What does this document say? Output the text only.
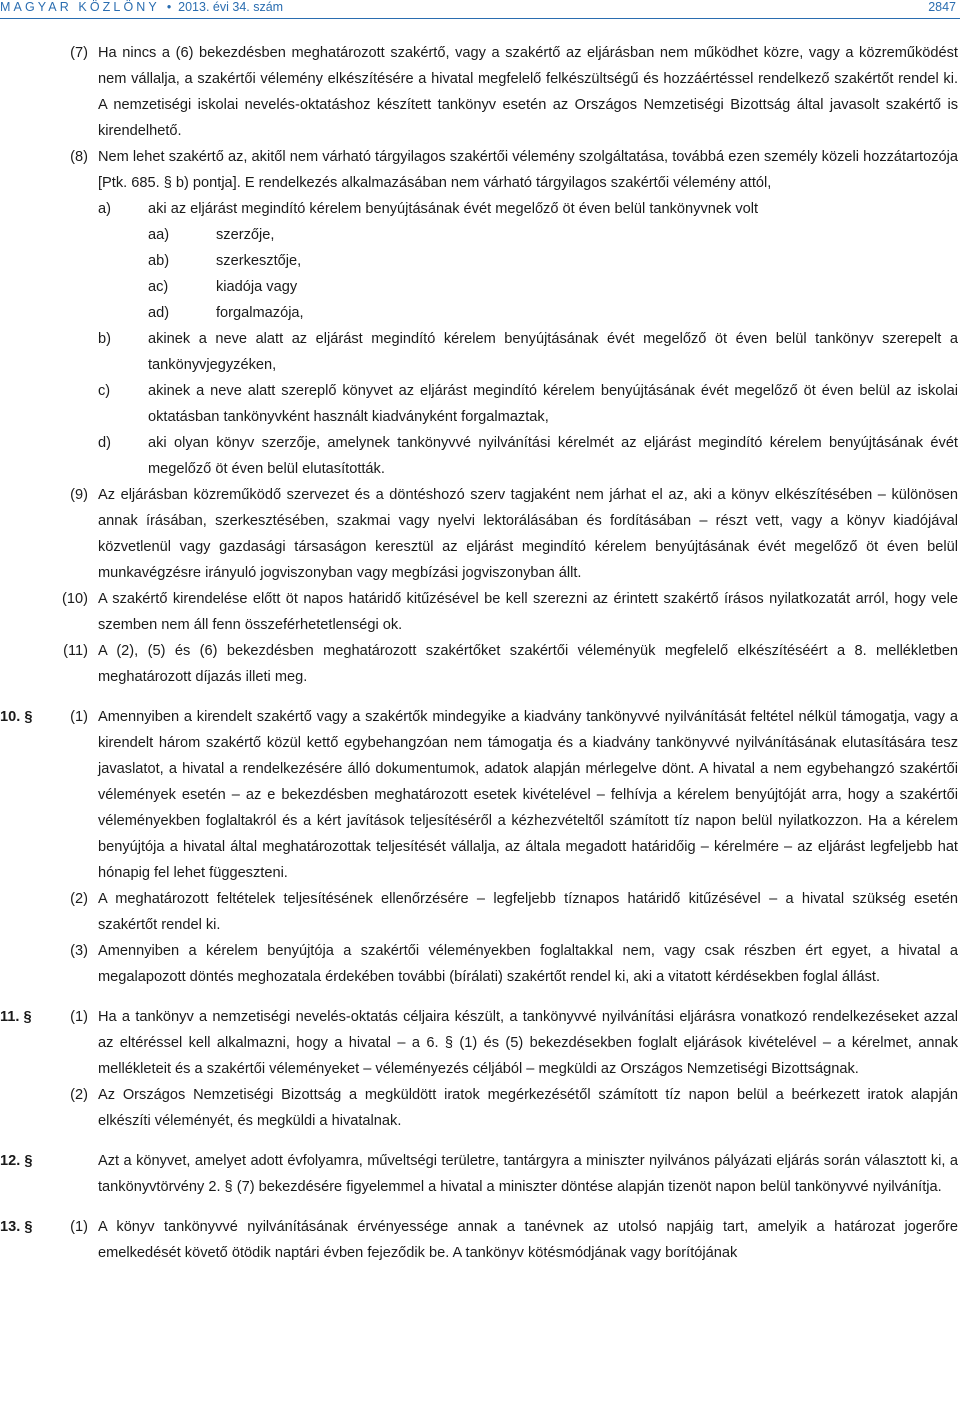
MAGYAR KÖZLÖNY • 2013. évi 34. szám	2847

(7) Ha nincs a (6) bekezdésben meghatározott szakértő, vagy a szakértő az eljárásban nem működhet közre, vagy a közreműködést nem vállalja, a szakértői vélemény elkészítésére a hivatal megfelelő felkészültségű és hozzáértéssel rendelkező szakértőt rendel ki. A nemzetiségi iskolai nevelés-oktatáshoz készített tankönyv esetén az Országos Nemzetiségi Bizottság által javasolt szakértő is kirendelhető.

(8) Nem lehet szakértő az, akitől nem várható tárgyilagos szakértői vélemény szolgáltatása, továbbá ezen személy közeli hozzátartozója [Ptk. 685. § b) pontja]. E rendelkezés alkalmazásában nem várható tárgyilagos szakértői vélemény attól,

a)	aki az eljárást megindító kérelem benyújtásának évét megelőző öt éven belül tankönyvnek volt

aa)	szerzője,

ab)	szerkesztője,

ac)	kiadója vagy

ad)	forgalmazója,

b)	akinek a neve alatt az eljárást megindító kérelem benyújtásának évét megelőző öt éven belül tankönyv szerepelt a tankönyvjegyzéken,

c)	akinek a neve alatt szereplő könyvet az eljárást megindító kérelem benyújtásának évét megelőző öt éven belül az iskolai oktatásban tankönyvként használt kiadványként forgalmaztak,

d)	aki olyan könyv szerzője, amelynek tankönyvvé nyilvánítási kérelmét az eljárást megindító kérelem benyújtásának évét megelőző öt éven belül elutasították.

(9) Az eljárásban közreműködő szervezet és a döntéshozó szerv tagjaként nem járhat el az, aki a könyv elkészítésében – különösen annak írásában, szerkesztésében, szakmai vagy nyelvi lektorálásában és fordításában – részt vett, vagy a könyv kiadójával közvetlenül vagy gazdasági társaságon keresztül az eljárást megindító kérelem benyújtásának évét megelőző öt éven belül munkavégzésre irányuló jogviszonyban vagy megbízási jogviszonyban állt.

(10) A szakértő kirendelése előtt öt napos határidő kitűzésével be kell szerezni az érintett szakértő írásos nyilatkozatát arról, hogy vele szemben nem áll fenn összeférhetetlenségi ok.

(11) A (2), (5) és (6) bekezdésben meghatározott szakértőket szakértői véleményük megfelelő elkészítéséért a 8. mellékletben meghatározott díjazás illeti meg.

10. §	(1) Amennyiben a kirendelt szakértő vagy a szakértők mindegyike a kiadvány tankönyvvé nyilvánítását feltétel nélkül támogatja, vagy a kirendelt három szakértő közül kettő egybehangzóan nem támogatja és a kiadvány tankönyvvé nyilvánításának elutasítására tesz javaslatot, a hivatal a rendelkezésére álló dokumentumok, adatok alapján mérlegelve dönt. A hivatal a nem egybehangzó szakértői vélemények esetén – az e bekezdésben meghatározott esetek kivételével – felhívja a kérelem benyújtóját arra, hogy a szakértői véleményekben foglaltakról és a kért javítások teljesítéséről a kézhezvételtől számított tíz napon belül nyilatkozzon. Ha a kérelem benyújtója a hivatal által meghatározottak teljesítését vállalja, az általa megadott határidőig – kérelmére – az eljárást legfeljebb hat hónapig fel lehet függeszteni.

(2) A meghatározott feltételek teljesítésének ellenőrzésére – legfeljebb tíznapos határidő kitűzésével – a hivatal szükség esetén szakértőt rendel ki.

(3) Amennyiben a kérelem benyújtója a szakértői véleményekben foglaltakkal nem, vagy csak részben ért egyet, a hivatal a megalapozott döntés meghozatala érdekében további (bírálati) szakértőt rendel ki, aki a vitatott kérdésekben foglal állást.

11. §	(1) Ha a tankönyv a nemzetiségi nevelés-oktatás céljaira készült, a tankönyvvé nyilvánítási eljárásra vonatkozó rendelkezéseket azzal az eltéréssel kell alkalmazni, hogy a hivatal – a 6. § (1) és (5) bekezdésekben foglalt eljárások kivételével – a kérelmet, annak mellékleteit és a szakértői véleményeket – véleményezés céljából – megküldi az Országos Nemzetiségi Bizottságnak.

(2) Az Országos Nemzetiségi Bizottság a megküldött iratok megérkezésétől számított tíz napon belül a beérkezett iratok alapján elkészíti véleményét, és megküldi a hivatalnak.

12. §	Azt a könyvet, amelyet adott évfolyamra, műveltségi területre, tantárgyra a miniszter nyilvános pályázati eljárás során választott ki, a tankönyvtörvény 2. § (7) bekezdésére figyelemmel a hivatal a miniszter döntése alapján tizenöt napon belül tankönyvvé nyilvánítja.

13. §	(1) A könyv tankönyvvé nyilvánításának érvényessége annak a tanévnek az utolsó napjáig tart, amelyik a határozat jogerőre emelkedését követő ötödik naptári évben fejeződik be. A tankönyv kötésmódjának vagy borítójának
